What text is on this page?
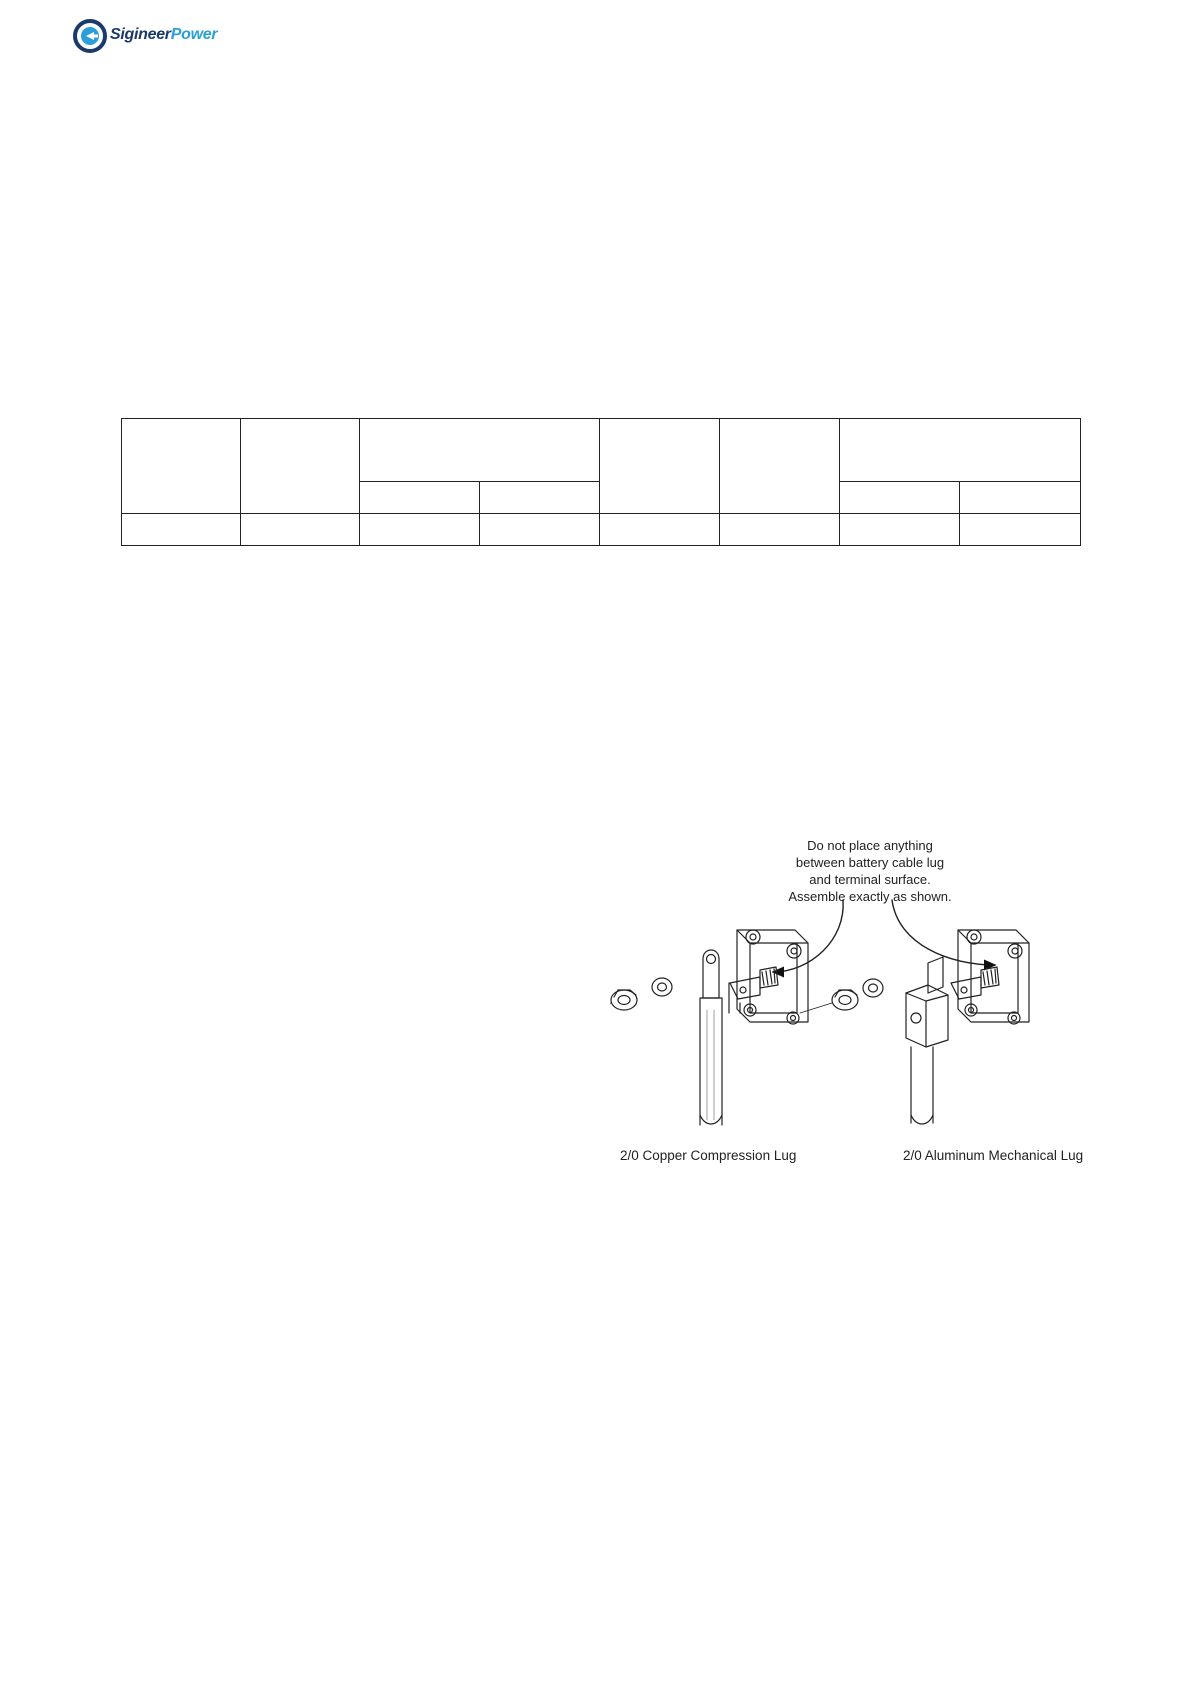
SigineerPower

Do not place anything
between battery cable lug
and terminal surface.
Assemble exactly as shown.
2/0 Copper Compression Lug	2/0 Aluminum Mechanical Lug
